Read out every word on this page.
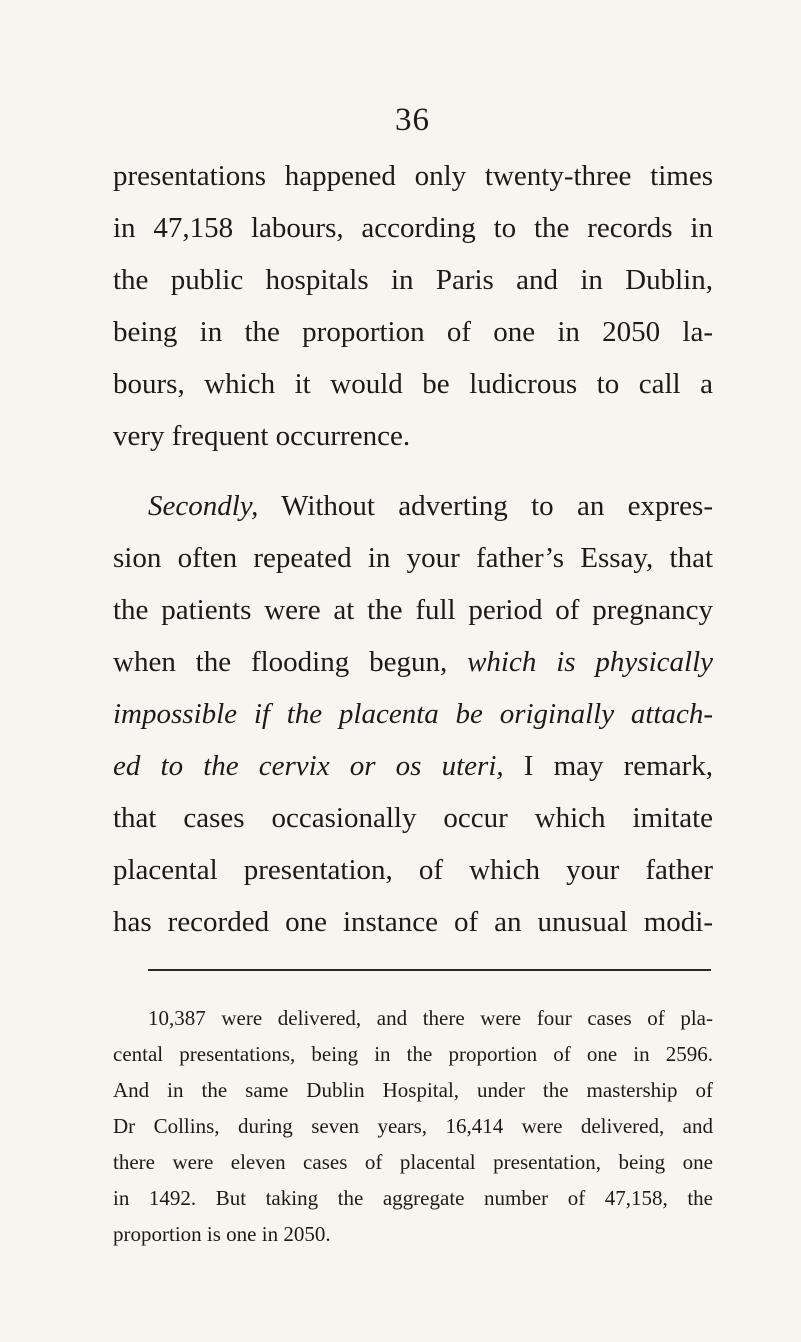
36
presentations happened only twenty-three times
in 47,158 labours, according to the records in
the public hospitals in Paris and in Dublin,
being in the proportion of one in 2050 la-
bours, which it would be ludicrous to call a
very frequent occurrence.
Secondly, Without adverting to an expres-
sion often repeated in your father’s Essay, that
the patients were at the full period of pregnancy
when the flooding begun, which is physically
impossible if the placenta be originally attach-
ed to the cervix or os uteri, I may remark,
that cases occasionally occur which imitate
placental presentation, of which your father
has recorded one instance of an unusual modi-
10,387 were delivered, and there were four cases of pla-
cental presentations, being in the proportion of one in 2596.
And in the same Dublin Hospital, under the mastership of
Dr Collins, during seven years, 16,414 were delivered, and
there were eleven cases of placental presentation, being one
in 1492. But taking the aggregate number of 47,158, the
proportion is one in 2050.
